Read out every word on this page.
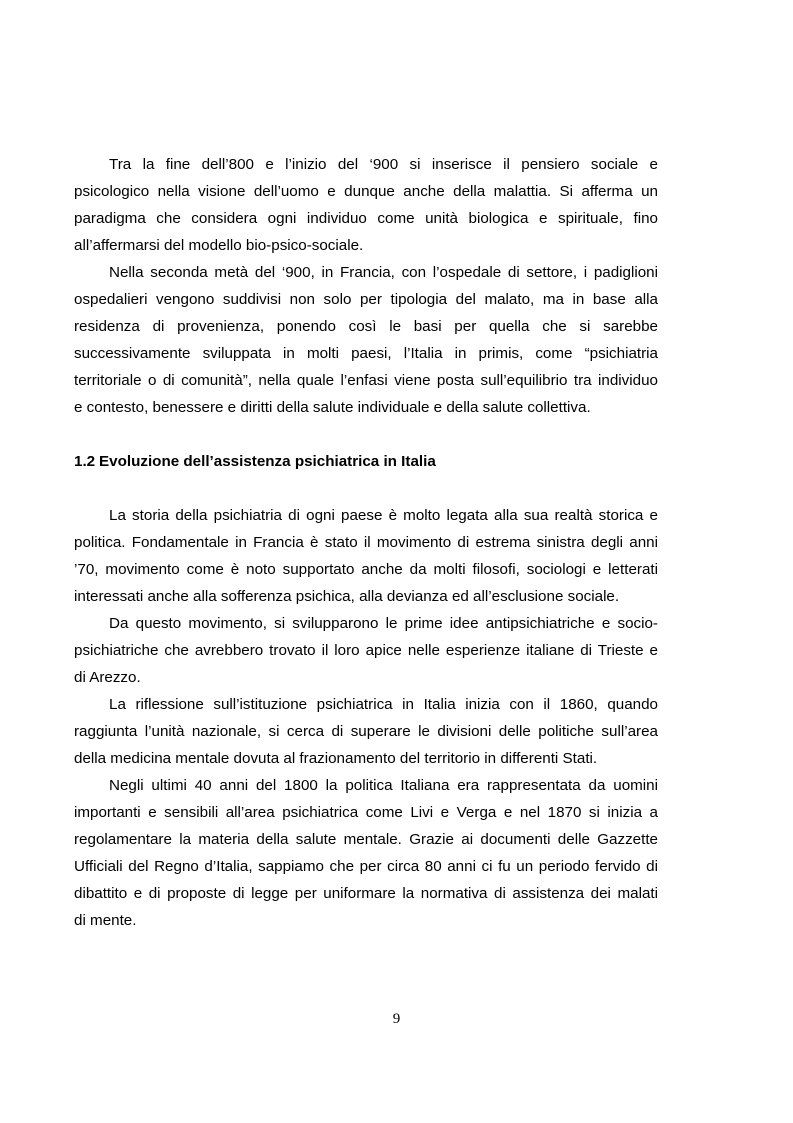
Tra la fine dell’800 e l’inizio del ‘900 si inserisce il pensiero sociale e

psicologico nella visione dell’uomo e dunque anche della malattia. Si afferma un

paradigma che considera ogni individuo come unità biologica e spirituale, fino

all’affermarsi del modello bio-psico-sociale.

Nella seconda metà del ‘900, in Francia, con l’ospedale di settore, i padiglioni

ospedalieri vengono suddivisi non solo per tipologia del malato, ma in base alla

residenza di provenienza, ponendo così le basi per quella che si sarebbe

successivamente sviluppata in molti paesi, l’Italia in primis, come “psichiatria

territoriale o di comunità”, nella quale l’enfasi viene posta sull’equilibrio tra individuo

e contesto, benessere e diritti della salute individuale e della salute collettiva.

1.2 Evoluzione dell’assistenza psichiatrica in Italia

La storia della psichiatria di ogni paese è molto legata alla sua realtà storica e

politica. Fondamentale in Francia è stato il movimento di estrema sinistra degli anni

’70, movimento come è noto supportato anche da molti filosofi, sociologi e letterati

interessati anche alla sofferenza psichica, alla devianza ed all’esclusione sociale.

Da questo movimento, si svilupparono le prime idee antipsichiatriche e socio-

psichiatriche che avrebbero trovato il loro apice nelle esperienze italiane di Trieste e

di Arezzo.

La riflessione sull’istituzione psichiatrica in Italia inizia con il 1860, quando

raggiunta l’unità nazionale, si cerca di superare le divisioni delle politiche sull’area

della medicina mentale dovuta al frazionamento del territorio in differenti Stati.

Negli ultimi 40 anni del 1800 la politica Italiana era rappresentata da uomini

importanti e sensibili all’area psichiatrica come Livi e Verga e nel 1870 si inizia a

regolamentare la materia della salute mentale. Grazie ai documenti delle Gazzette

Ufficiali del Regno d’Italia, sappiamo che per circa 80 anni ci fu un periodo fervido di

dibattito e di proposte di legge per uniformare la normativa di assistenza dei malati

di mente.

9
